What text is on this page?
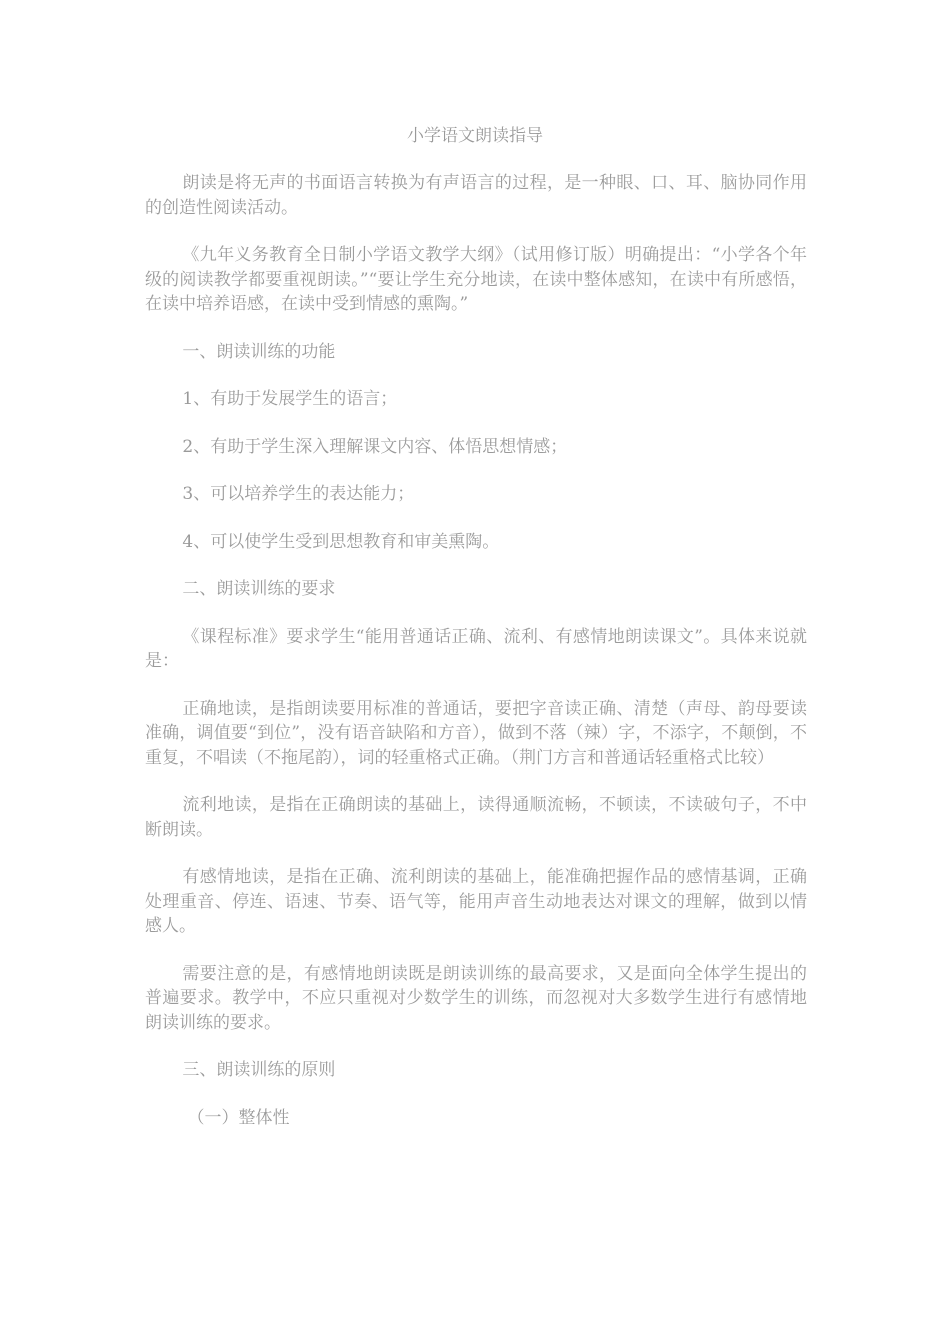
小学语文朗读指导

朗读是将无声的书面语言转换为有声语言的过程，是一种眼、口、耳、脑协同作用的创造性阅读活动。

《九年义务教育全日制小学语文教学大纲》（试用修订版）明确提出：“小学各个年级的阅读教学都要重视朗读。”“要让学生充分地读，在读中整体感知，在读中有所感悟，在读中培养语感，在读中受到情感的熏陶。”

一、朗读训练的功能

1、有助于发展学生的语言；

2、有助于学生深入理解课文内容、体悟思想情感；

3、可以培养学生的表达能力；

4、可以使学生受到思想教育和审美熏陶。

二、朗读训练的要求

《课程标准》要求学生“能用普通话正确、流利、有感情地朗读课文”。具体来说就是：

正确地读，是指朗读要用标准的普通话，要把字音读正确、清楚（声母、韵母要读准确，调值要“到位”，没有语音缺陷和方音），做到不落（辣）字，不添字，不颠倒，不重复，不唱读（不拖尾韵），词的轻重格式正确。（荆门方言和普通话轻重格式比较）

流利地读，是指在正确朗读的基础上，读得通顺流畅，不顿读，不读破句子，不中断朗读。

有感情地读，是指在正确、流利朗读的基础上，能准确把握作品的感情基调，正确处理重音、停连、语速、节奏、语气等，能用声音生动地表达对课文的理解，做到以情感人。

需要注意的是，有感情地朗读既是朗读训练的最高要求，又是面向全体学生提出的普遍要求。教学中，不应只重视对少数学生的训练，而忽视对大多数学生进行有感情地朗读训练的要求。

三、朗读训练的原则

（一）整体性
